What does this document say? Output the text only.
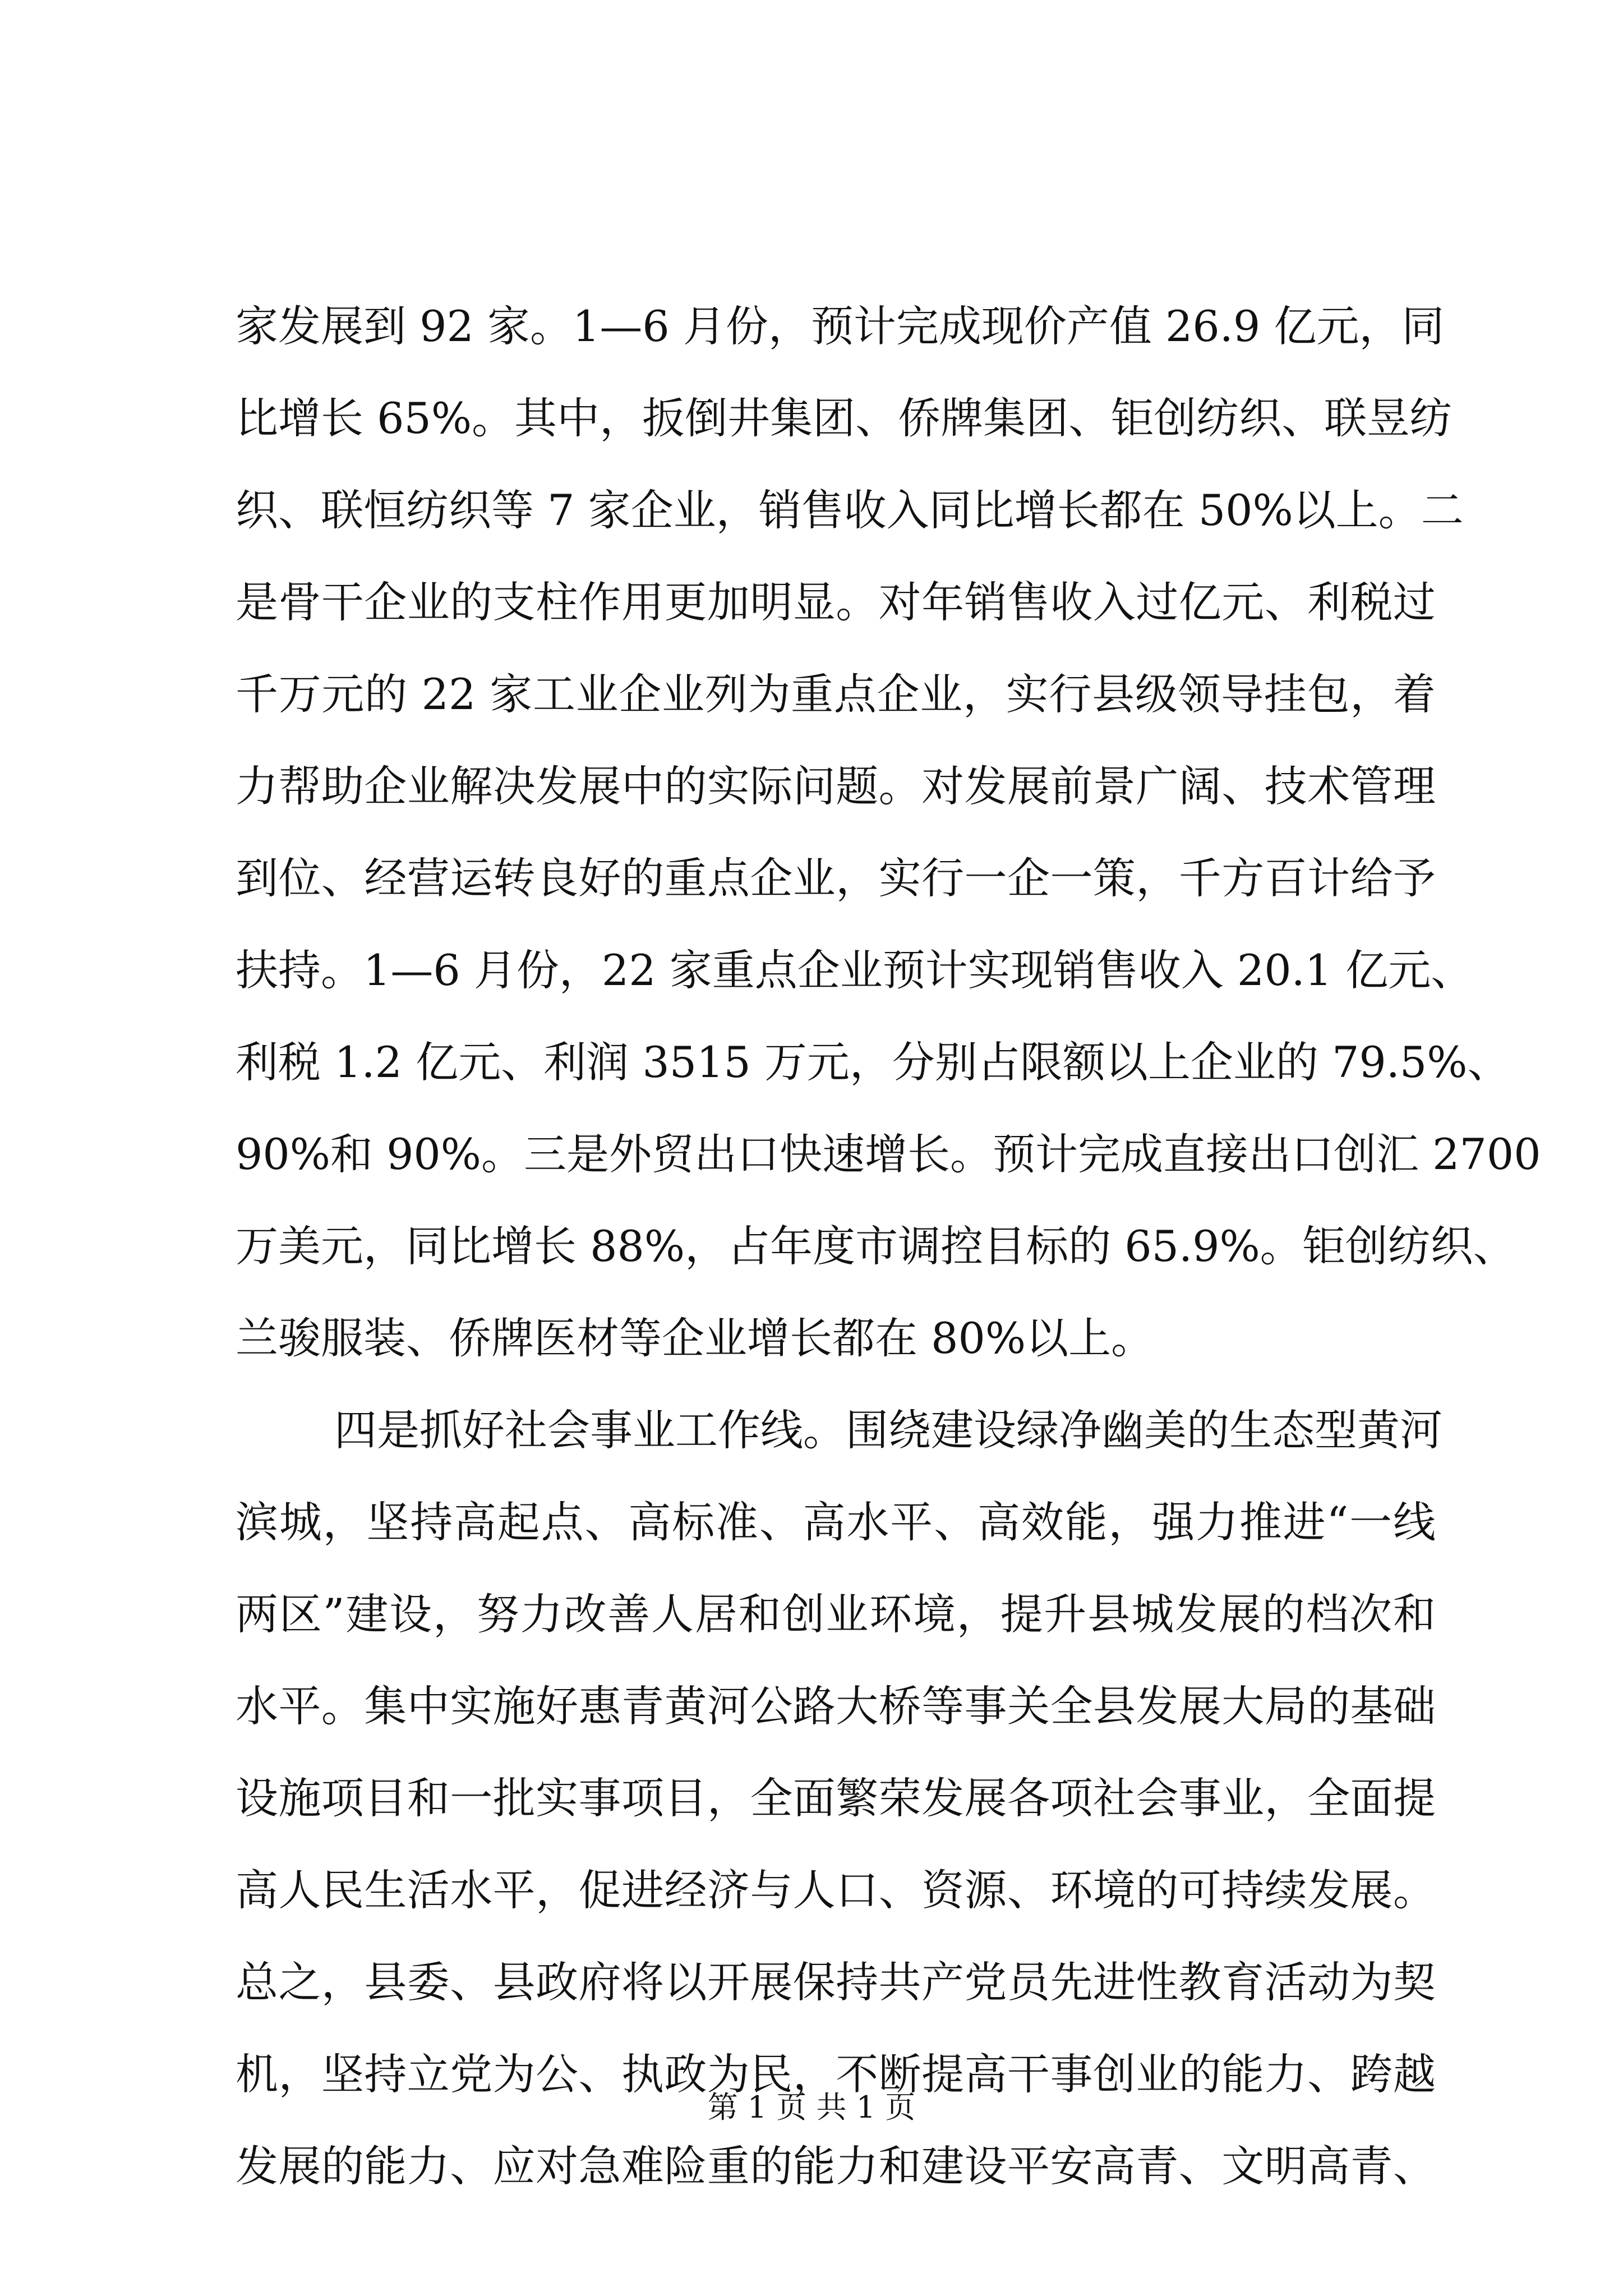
家发展到 92 家。1—6 月份，预计完成现价产值 26.9 亿元，同
比增长 65%。其中，扳倒井集团、侨牌集团、钜创纺织、联昱纺
织、联恒纺织等 7 家企业，销售收入同比增长都在 50%以上。二
是骨干企业的支柱作用更加明显。对年销售收入过亿元、利税过
千万元的 22 家工业企业列为重点企业，实行县级领导挂包，着
力帮助企业解决发展中的实际问题。对发展前景广阔、技术管理
到位、经营运转良好的重点企业，实行一企一策，千方百计给予
扶持。1—6 月份，22 家重点企业预计实现销售收入 20.1 亿元、
利税 1.2 亿元、利润 3515 万元，分别占限额以上企业的 79.5%、
90%和 90%。三是外贸出口快速增长。预计完成直接出口创汇 2700
万美元，同比增长 88%，占年度市调控目标的 65.9%。钜创纺织、
兰骏服装、侨牌医材等企业增长都在 80%以上。
四是抓好社会事业工作线。围绕建设绿净幽美的生态型黄河
滨城，坚持高起点、高标准、高水平、高效能，强力推进“一线
两区”建设，努力改善人居和创业环境，提升县城发展的档次和
水平。集中实施好惠青黄河公路大桥等事关全县发展大局的基础
设施项目和一批实事项目，全面繁荣发展各项社会事业，全面提
高人民生活水平，促进经济与人口、资源、环境的可持续发展。
总之，县委、县政府将以开展保持共产党员先进性教育活动为契
机，坚持立党为公、执政为民，不断提高干事创业的能力、跨越
发展的能力、应对急难险重的能力和建设平安高青、文明高青、
第 1 页 共 1 页
